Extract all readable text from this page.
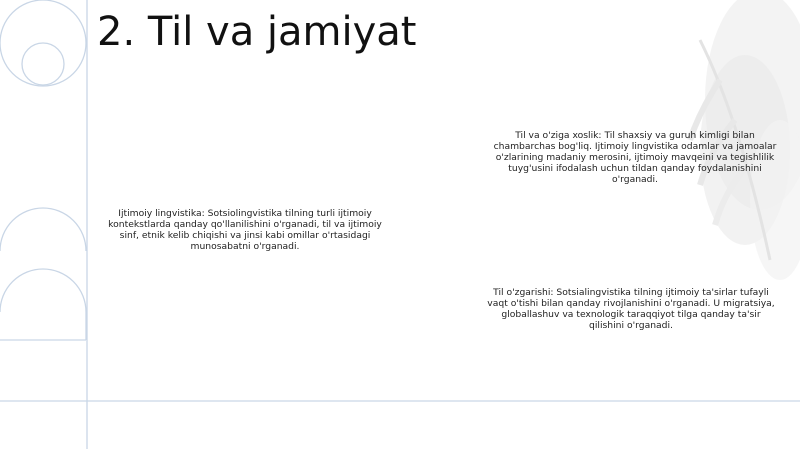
2. Til va jamiyat

Til va o'ziga xoslik: Til shaxsiy va guruh kimligi bilan chambarchas bog'liq. Ijtimoiy lingvistika odamlar va jamoalar o'zlarining madaniy merosini, ijtimoiy mavqeini va tegishlilik tuyg'usini ifodalash uchun tildan qanday foydalanishini o'rganadi.

Ijtimoiy lingvistika: Sotsiolingvistika tilning turli ijtimoiy kontekstlarda qanday qo'llanilishini o'rganadi, til va ijtimoiy sinf, etnik kelib chiqishi va jinsi kabi omillar o'rtasidagi munosabatni o'rganadi.

Til o'zgarishi: Sotsialingvistika tilning ijtimoiy ta'sirlar tufayli vaqt o'tishi bilan qanday rivojlanishini o'rganadi. U migratsiya, globallashuv va texnologik taraqqiyot tilga qanday ta'sir qilishini o'rganadi.
